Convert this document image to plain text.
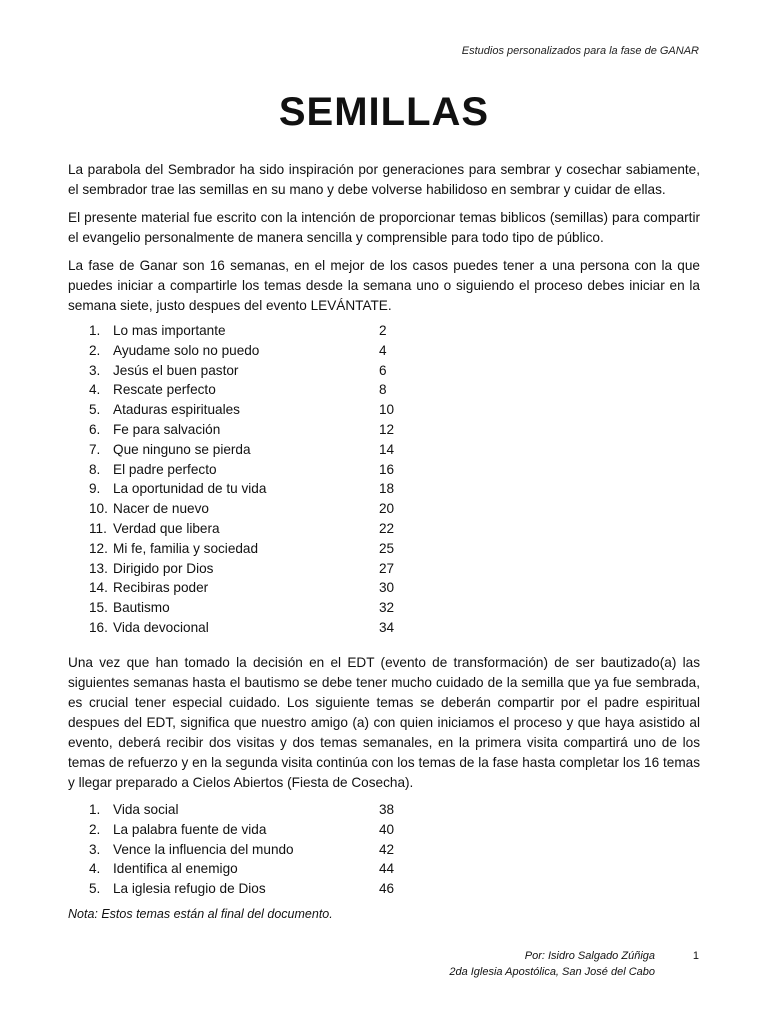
Estudios personalizados para la fase de GANAR
SEMILLAS

La parabola del Sembrador ha sido inspiración por generaciones para sembrar y cosechar sabiamente, el sembrador trae las semillas en su mano y debe volverse habilidoso en sembrar y cuidar de ellas.

El presente material fue escrito con la intención de proporcionar temas biblicos (semillas) para compartir el evangelio personalmente de manera sencilla y comprensible para todo tipo de público.

La fase de Ganar son 16 semanas, en el mejor de los casos puedes tener a una persona con la que puedes iniciar a compartirle los temas desde la semana uno o siguiendo el proceso debes iniciar en la semana siete, justo despues del evento LEVÁNTATE.

1. Lo mas importante	2
2. Ayudame solo no puedo	4
3. Jesús el buen pastor	6
4. Rescate perfecto	8
5. Ataduras espirituales	10
6. Fe para salvación	12
7. Que ninguno se pierda	14
8. El padre perfecto	16
9. La oportunidad de tu vida	18
10. Nacer de nuevo	20
11. Verdad que libera	22
12. Mi fe, familia y sociedad	25
13. Dirigido por Dios	27
14. Recibiras poder	30
15. Bautismo	32
16. Vida devocional	34

Una vez que han tomado la decisión en el EDT (evento de transformación) de ser bautizado(a) las siguientes semanas hasta el bautismo se debe tener mucho cuidado de la semilla que ya fue sembrada, es crucial tener especial cuidado. Los siguiente temas se deberán compartir por el padre espiritual despues del EDT, significa que nuestro amigo (a) con quien iniciamos el proceso y que haya asistido al evento, deberá recibir dos visitas y dos temas semanales, en la primera visita compartirá uno de los temas de refuerzo y en la segunda visita continúa con los temas de la fase hasta completar los 16 temas y llegar preparado a Cielos Abiertos (Fiesta de Cosecha).

1. Vida social	38
2. La palabra fuente de vida	40
3. Vence la influencia del mundo	42
4. Identifica al enemigo	44
5. La iglesia refugio de Dios	46

Nota: Estos temas están al final del documento.

Por: Isidro Salgado Zúñiga	1
2da Iglesia Apostólica, San José del Cabo
